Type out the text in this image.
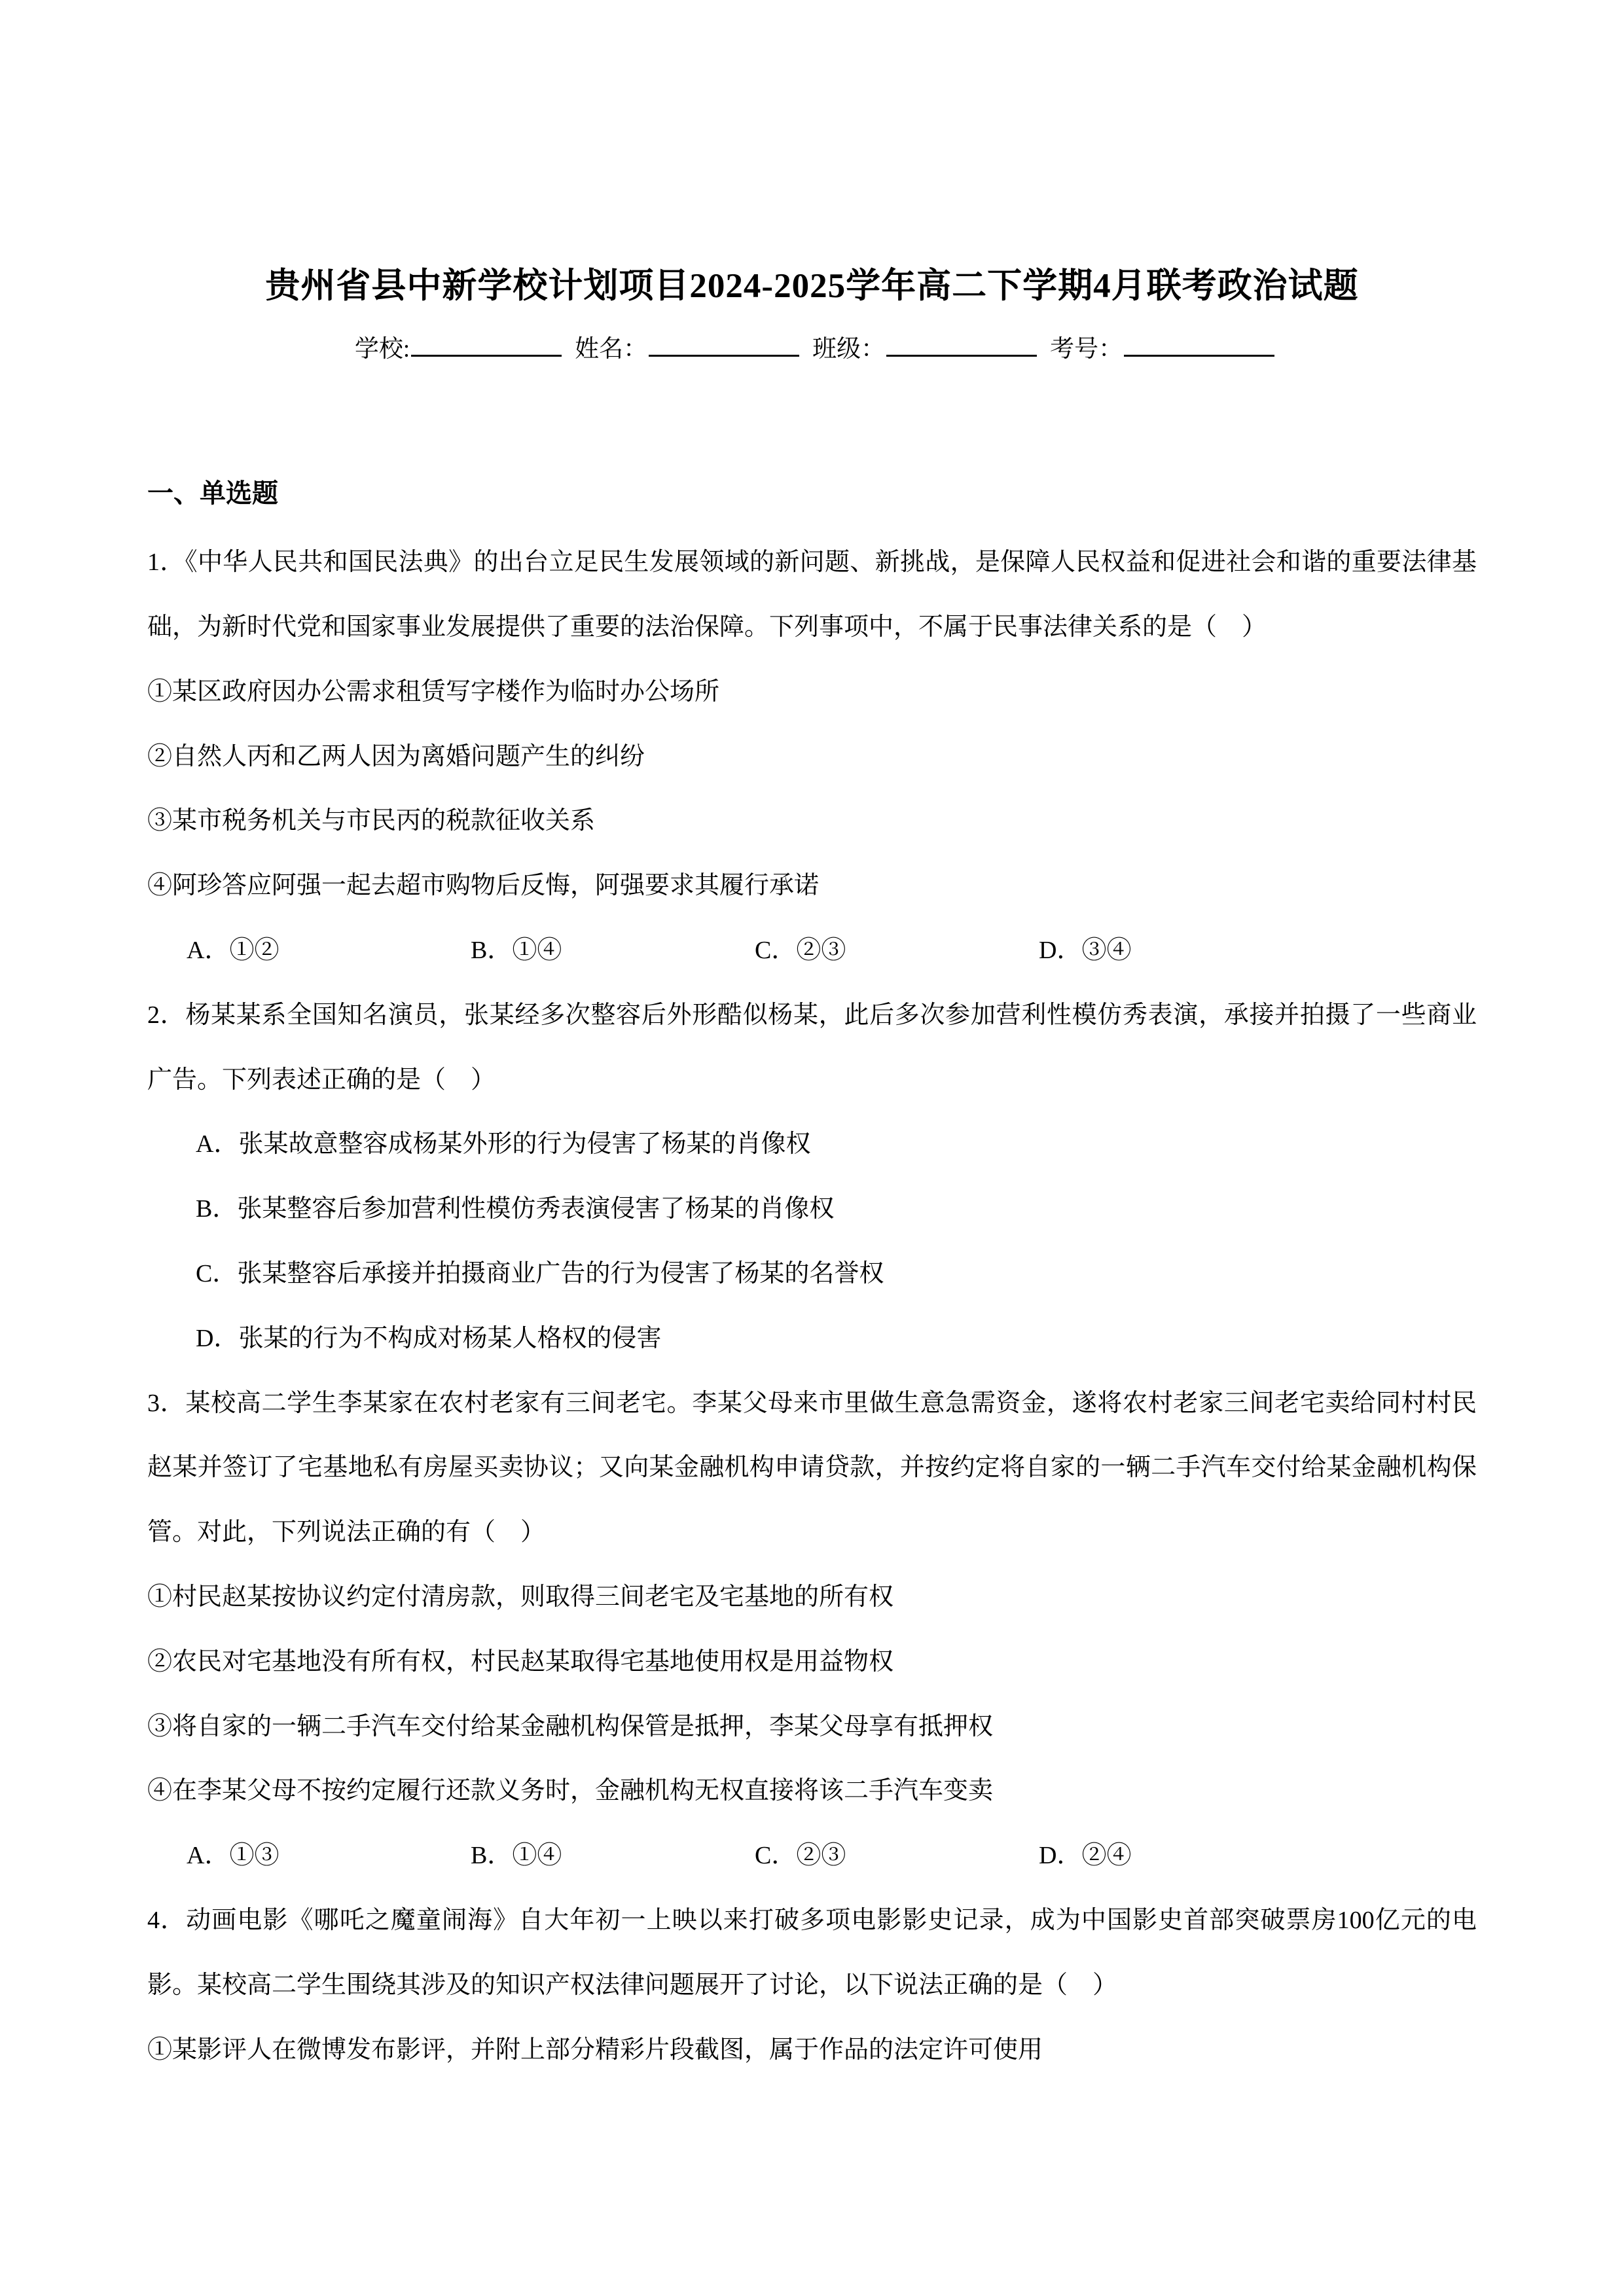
贵州省县中新学校计划项目2024-2025学年高二下学期4月联考政治试题
学校:	姓名：	班级：	考号：
一、单选题

1．《中华人民共和国民法典》的出台立足民生发展领域的新问题、新挑战，是保障人民权益和促进社会和谐的重要法律基础，为新时代党和国家事业发展提供了重要的法治保障。下列事项中，不属于民事法律关系的是（　）

①某区政府因办公需求租赁写字楼作为临时办公场所

②自然人丙和乙两人因为离婚问题产生的纠纷

③某市税务机关与市民丙的税款征收关系

④阿珍答应阿强一起去超市购物后反悔，阿强要求其履行承诺

A．①②	B．①④	C．②③	D．③④

2．杨某某系全国知名演员，张某经多次整容后外形酷似杨某，此后多次参加营利性模仿秀表演，承接并拍摄了一些商业广告。下列表述正确的是（　）

A．张某故意整容成杨某外形的行为侵害了杨某的肖像权

B．张某整容后参加营利性模仿秀表演侵害了杨某的肖像权

C．张某整容后承接并拍摄商业广告的行为侵害了杨某的名誉权

D．张某的行为不构成对杨某人格权的侵害

3．某校高二学生李某家在农村老家有三间老宅。李某父母来市里做生意急需资金，遂将农村老家三间老宅卖给同村村民赵某并签订了宅基地私有房屋买卖协议；又向某金融机构申请贷款，并按约定将自家的一辆二手汽车交付给某金融机构保管。对此，下列说法正确的有（　）

①村民赵某按协议约定付清房款，则取得三间老宅及宅基地的所有权

②农民对宅基地没有所有权，村民赵某取得宅基地使用权是用益物权

③将自家的一辆二手汽车交付给某金融机构保管是抵押，李某父母享有抵押权

④在李某父母不按约定履行还款义务时，金融机构无权直接将该二手汽车变卖

A．①③	B．①④	C．②③	D．②④

4．动画电影《哪吒之魔童闹海》自大年初一上映以来打破多项电影影史记录，成为中国影史首部突破票房100亿元的电影。某校高二学生围绕其涉及的知识产权法律问题展开了讨论，以下说法正确的是（　）

①某影评人在微博发布影评，并附上部分精彩片段截图，属于作品的法定许可使用
